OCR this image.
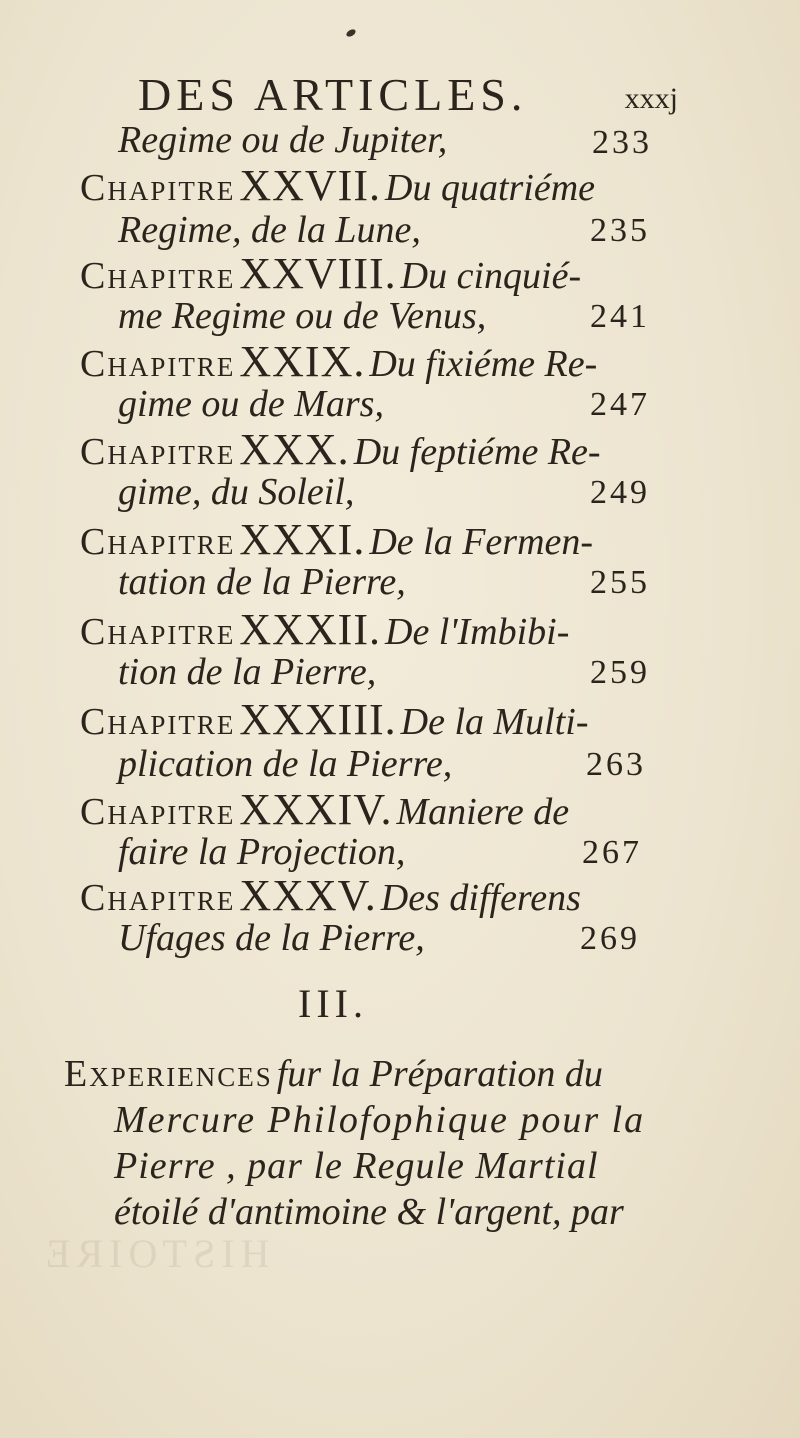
HISTOIRE
DES ARTICLES.	xxxj
Regime ou de Jupiter,	233
Chapitre XXVII. Du quatriéme
Regime, de la Lune,	235
Chapitre XXVIII. Du cinquié-
me Regime ou de Venus,	241
Chapitre XXIX. Du fixiéme Re-
gime ou de Mars,	247
Chapitre XXX. Du feptiéme Re-
gime, du Soleil,	249
Chapitre XXXI. De la Fermen-
tation de la Pierre,	255
Chapitre XXXII. De l'Imbibi-
tion de la Pierre,	259
Chapitre XXXIII. De la Multi-
plication de la Pierre,	263
Chapitre XXXIV. Maniere de
faire la Projection,	267
Chapitre XXXV. Des differens
Ufages de la Pierre,	269
III.
Experiences fur la Préparation du
Mercure Philofophique pour la
Pierre , par le Regule Martial
étoilé d'antimoine & l'argent, par
